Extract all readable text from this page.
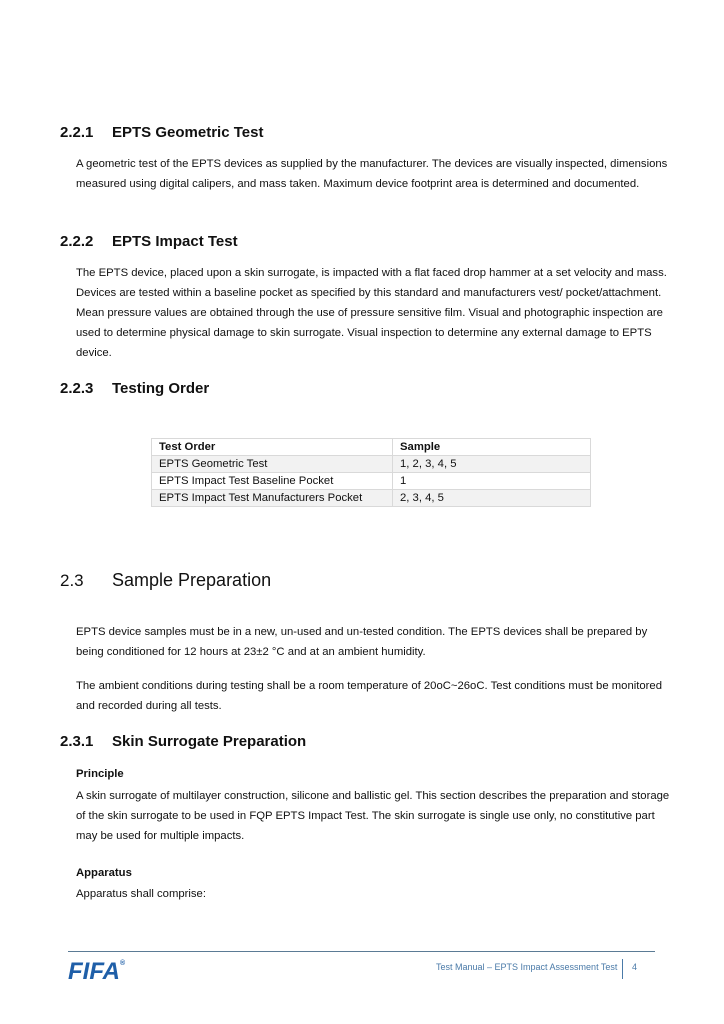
2.2.1 EPTS Geometric Test
A geometric test of the EPTS devices as supplied by the manufacturer. The devices are visually inspected, dimensions measured using digital calipers, and mass taken. Maximum device footprint area is determined and documented.
2.2.2 EPTS Impact Test
The EPTS device, placed upon a skin surrogate, is impacted with a flat faced drop hammer at a set velocity and mass. Devices are tested within a baseline pocket as specified by this standard and manufacturers vest/ pocket/attachment. Mean pressure values are obtained through the use of pressure sensitive film. Visual and photographic inspection are used to determine physical damage to skin surrogate. Visual inspection to determine any external damage to EPTS device.
2.2.3 Testing Order
Test Order	Sample
EPTS Geometric Test	1, 2, 3, 4, 5
EPTS Impact Test Baseline Pocket	1
EPTS Impact Test Manufacturers Pocket	2, 3, 4, 5
2.3 Sample Preparation
EPTS device samples must be in a new, un-used and un-tested condition. The EPTS devices shall be prepared by being conditioned for 12 hours at 23±2 °C and at an ambient humidity.
The ambient conditions during testing shall be a room temperature of 20oC~26oC. Test conditions must be monitored and recorded during all tests.
2.3.1 Skin Surrogate Preparation
Principle
A skin surrogate of multilayer construction, silicone and ballistic gel. This section describes the preparation and storage of the skin surrogate to be used in FQP EPTS Impact Test. The skin surrogate is single use only, no constitutive part may be used for multiple impacts.
Apparatus
Apparatus shall comprise:
FIFA®	Test Manual – EPTS Impact Assessment Test 4
